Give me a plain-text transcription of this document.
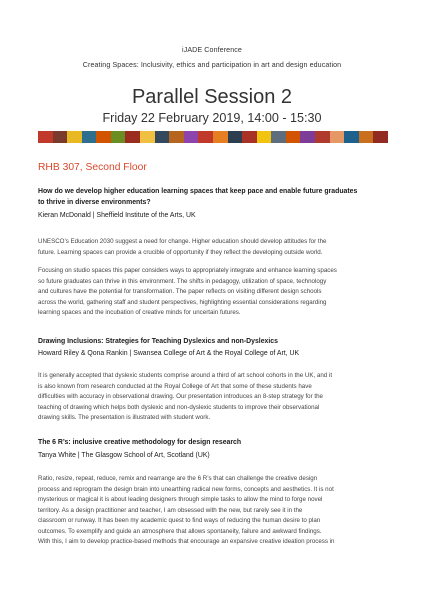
iJADE Conference
Creating Spaces: Inclusivity, ethics and participation in art and design education
Parallel Session 2
Friday 22 February 2019, 14:00 - 15:30
RHB 307, Second Floor
How do we develop higher education learning spaces that keep pace and enable future graduates
to thrive in diverse environments?
Kieran McDonald | Sheffield Institute of the Arts, UK
UNESCO’s Education 2030 suggest a need for change. Higher education should develop attitudes for the
future. Learning spaces can provide a crucible of opportunity if they reflect the developing outside world.
Focusing on studio spaces this paper considers ways to appropriately integrate and enhance learning spaces
so future graduates can thrive in this environment. The shifts in pedagogy, utilization of space, technology
and cultures have the potential for transformation. The paper reflects on visiting different design schools
across the world, gathering staff and student perspectives, highlighting essential considerations regarding
learning spaces and the incubation of creative minds for uncertain futures.
Drawing Inclusions: Strategies for Teaching Dyslexics and non-Dyslexics
Howard Riley & Qona Rankin | Swansea College of Art & the Royal College of Art, UK
It is generally accepted that dyslexic students comprise around a third of art school cohorts in the UK, and it
is also known from research conducted at the Royal College of Art that some of these students have
difficulties with accuracy in observational drawing. Our presentation introduces an 8-step strategy for the
teaching of drawing which helps both dyslexic and non-dyslexic students to improve their observational
drawing skills. The presentation is illustrated with student work.
The 6 R’s: inclusive creative methodology for design research
Tanya White | The Glasgow School of Art, Scotland (UK)
Ratio, resize, repeat, reduce, remix and rearrange are the 6 R’s that can challenge the creative design
process and reprogram the design brain into unearthing radical new forms, concepts and aesthetics. It is not
mysterious or magical it is about leading designers through simple tasks to allow the mind to forge novel
territory. As a design practitioner and teacher, I am obsessed with the new, but rarely see it in the
classroom or runway. It has been my academic quest to find ways of reducing the human desire to plan
outcomes. To exemplify and guide an atmosphere that allows spontaneity, failure and awkward findings.
With this, I aim to develop practice-based methods that encourage an expansive creative ideation process in
